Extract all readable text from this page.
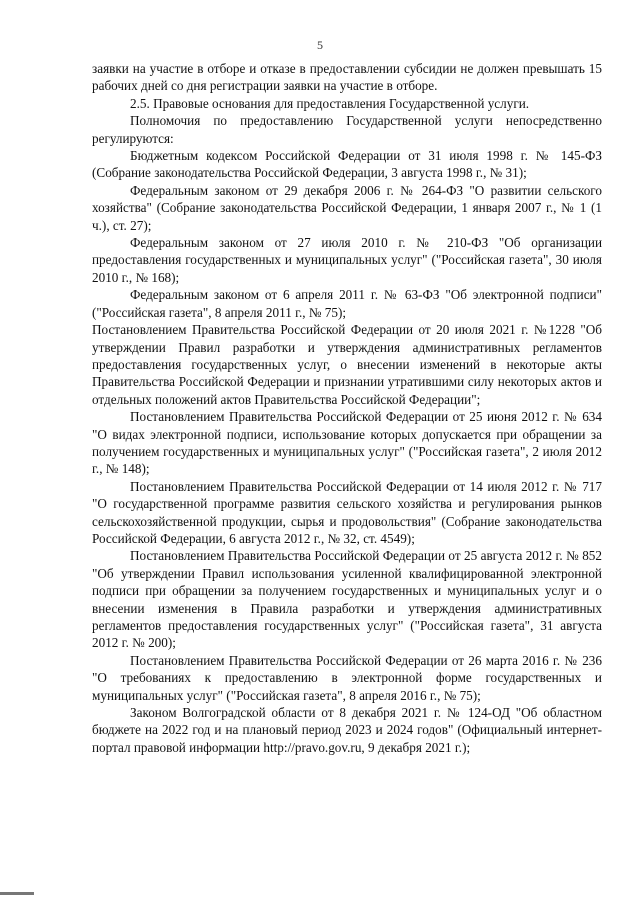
5

заявки на участие в отборе и отказе в предоставлении субсидии не должен превышать 15 рабочих дней со дня регистрации заявки на участие в отборе.

2.5. Правовые основания для предоставления Государственной услуги.

Полномочия по предоставлению Государственной услуги непосредственно регулируются:

Бюджетным кодексом Российской Федерации от 31 июля 1998 г. № 145-ФЗ (Собрание законодательства Российской Федерации, 3 августа 1998 г., № 31);

Федеральным законом от 29 декабря 2006 г. № 264-ФЗ "О развитии сельского хозяйства" (Собрание законодательства Российской Федерации, 1 января 2007 г., № 1 (1 ч.), ст. 27);

Федеральным законом от 27 июля 2010 г. № 210-ФЗ "Об организации предоставления государственных и муниципальных услуг" ("Российская газета", 30 июля 2010 г., № 168);

Федеральным законом от 6 апреля 2011 г. № 63-ФЗ "Об электронной подписи" ("Российская газета", 8 апреля 2011 г., № 75);

Постановлением Правительства Российской Федерации от 20 июля 2021 г. №1228 "Об утверждении Правил разработки и утверждения административных регламентов предоставления государственных услуг, о внесении изменений в некоторые акты Правительства Российской Федерации и признании утратившими силу некоторых актов и отдельных положений актов Правительства Российской Федерации";

Постановлением Правительства Российской Федерации от 25 июня 2012 г. № 634 "О видах электронной подписи, использование которых допускается при обращении за получением государственных и муниципальных услуг" ("Российская газета", 2 июля 2012 г., № 148);

Постановлением Правительства Российской Федерации от 14 июля 2012 г. № 717 "О государственной программе развития сельского хозяйства и регулирования рынков сельскохозяйственной продукции, сырья и продовольствия" (Собрание законодательства Российской Федерации, 6 августа 2012 г., № 32, ст. 4549);

Постановлением Правительства Российской Федерации от 25 августа 2012 г. № 852 "Об утверждении Правил использования усиленной квалифицированной электронной подписи при обращении за получением государственных и муниципальных услуг и о внесении изменения в Правила разработки и утверждения административных регламентов предоставления государственных услуг" ("Российская газета", 31 августа 2012 г. № 200);

Постановлением Правительства Российской Федерации от 26 марта 2016 г. № 236 "О требованиях к предоставлению в электронной форме государственных и муниципальных услуг" ("Российская газета", 8 апреля 2016 г., № 75);

Законом Волгоградской области от 8 декабря 2021 г. № 124-ОД "Об областном бюджете на 2022 год и на плановый период 2023 и 2024 годов" (Официальный интернет-портал правовой информации http://pravo.gov.ru, 9 декабря 2021 г.);
